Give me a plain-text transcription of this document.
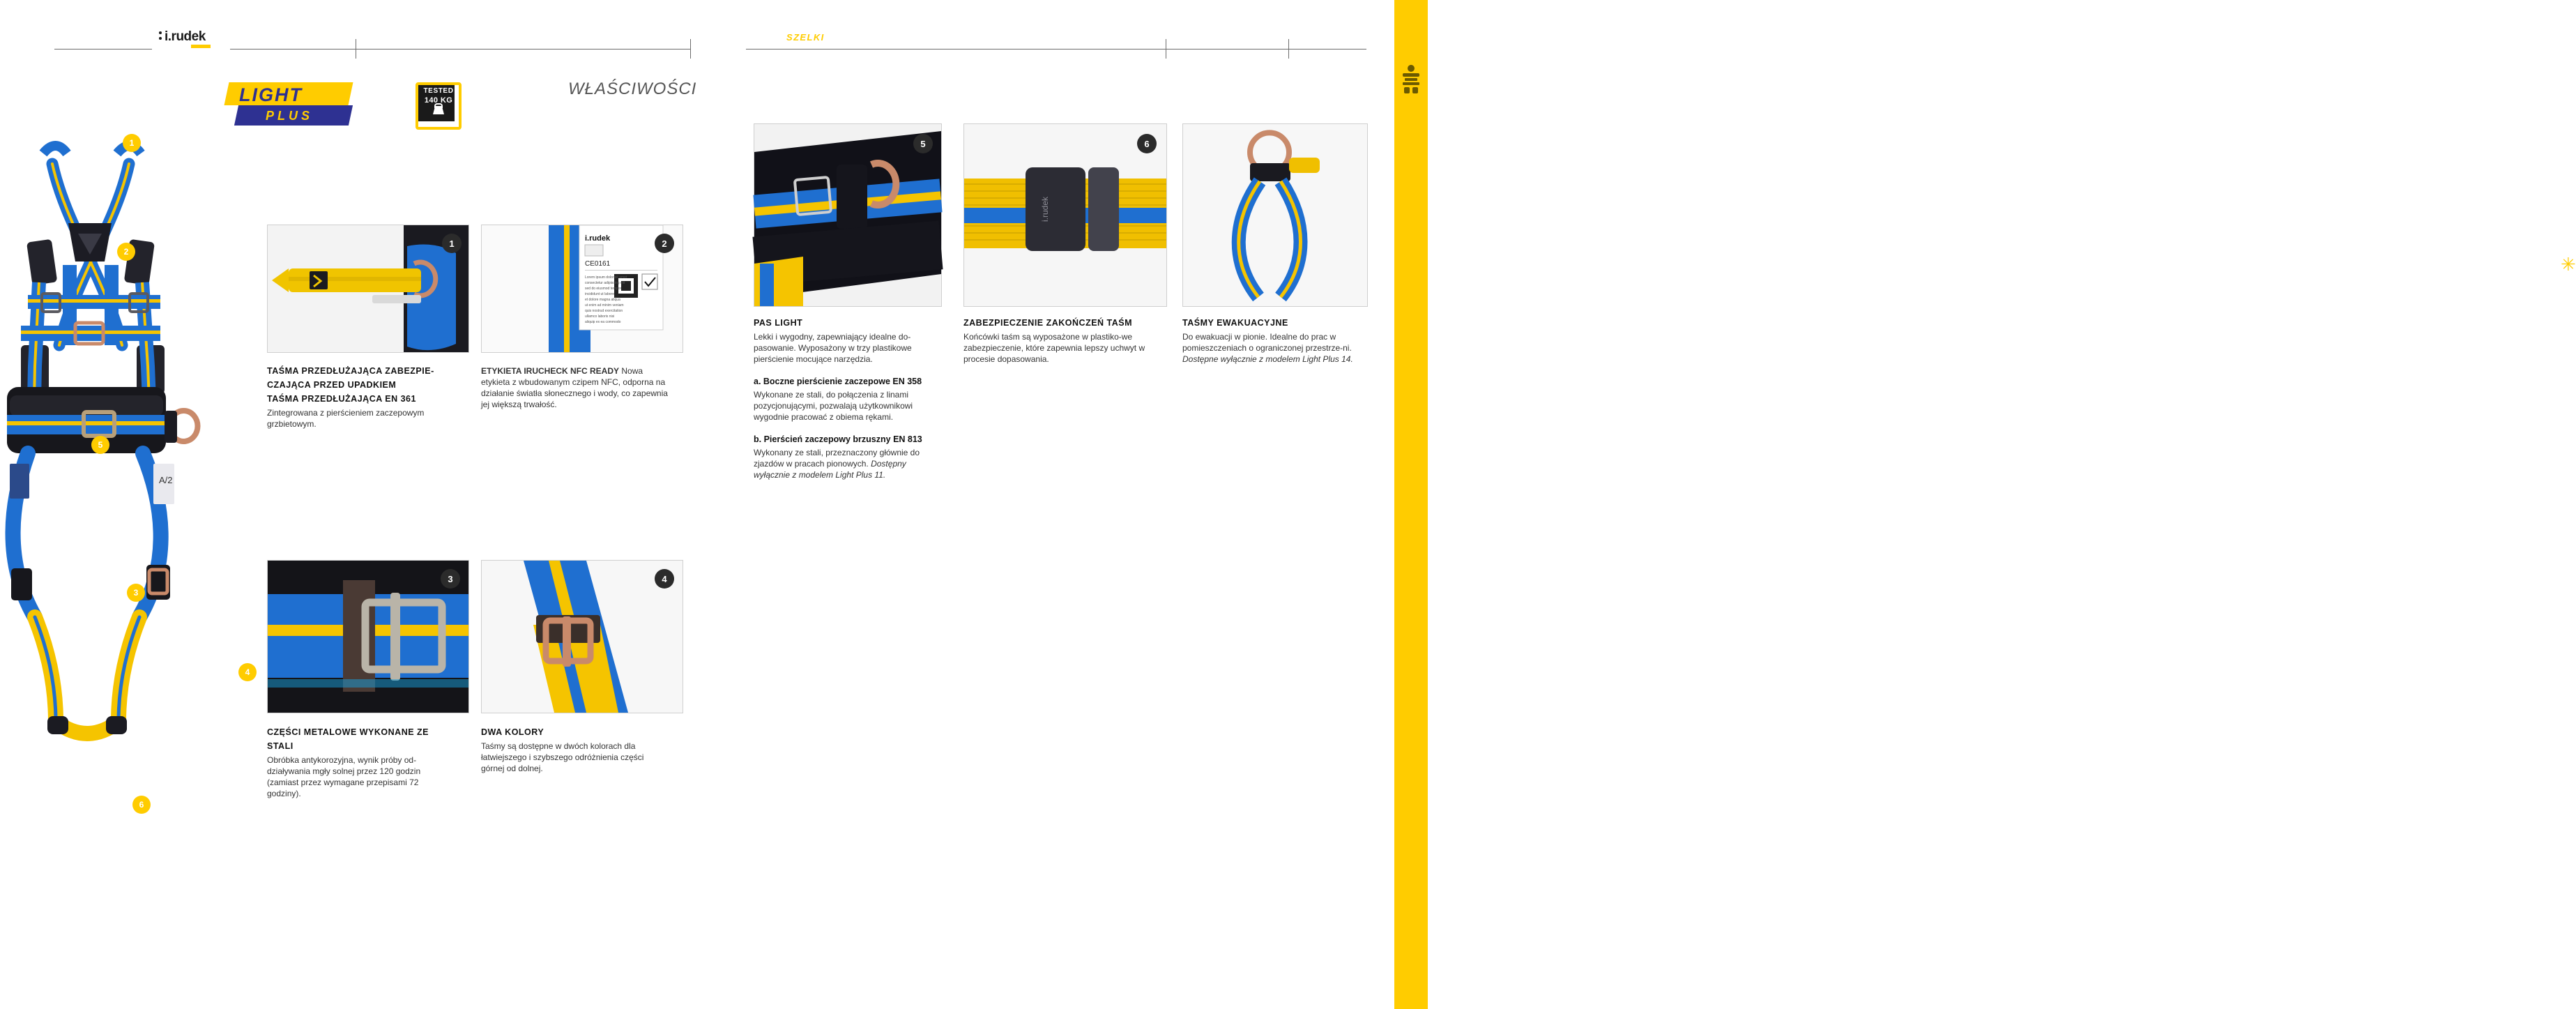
i.rudek	SZELKI
LIGHT
PLUS
TESTED
140 KG
WŁAŚCIWOŚCI
A/2
1
2
5
3
4
6
1
TAŚMA PRZEDŁUŻAJĄCA ZABEZPIE-
CZAJĄCA PRZED UPADKIEM
TAŚMA PRZEDŁUŻAJĄCA EN 361

Zintegrowana z pierścieniem zaczepowym grzbietowym.

i.rudek
CE0161
Lorem ipsum dolor sit amet
consectetur adipiscing elit
sed do eiusmod tempor
incididunt ut labore
et dolore magna aliqua
ut enim ad minim veniam
quis nostrud exercitation
ullamco laboris nisi
aliquip ex ea commodo
2

ETYKIETA IRUCHECK NFC READY Nowa

etykieta z wbudowanym czipem NFC, odporna na działanie światła słonecznego i wody, co zapewnia jej większą trwałość.

3
CZĘŚCI METALOWE WYKONANE ZE
STALI

Obróbka antykorozyjna, wynik próby od-działywania mgły solnej przez 120 godzin (zamiast przez wymagane przepisami 72 godziny).

4
DWA KOLORY

Taśmy są dostępne w dwóch kolorach dla łatwiejszego i szybszego odróżnienia części górnej od dolnej.

5
PAS LIGHT

Lekki i wygodny, zapewniający idealne do-pasowanie. Wyposażony w trzy plastikowe pierścienie mocujące narzędzia.

a. Boczne pierścienie zaczepowe EN 358

Wykonane ze stali, do połączenia z linami pozycjonującymi, pozwalają użytkownikowi wygodnie pracować z obiema rękami.

b. Pierścień zaczepowy brzuszny EN 813

Wykonany ze stali, przeznaczony głównie do zjazdów w pracach pionowych. Dostępny wyłącznie z modelem Light Plus 11.

i.rudek
6
ZABEZPIECZENIE ZAKOŃCZEŃ TAŚM

Końcówki taśm są wyposażone w plastiko-we zabezpieczenie, które zapewnia lepszy uchwyt w procesie dopasowania.

✳
TAŚMY EWAKUACYJNE

Do ewakuacji w pionie. Idealne do prac w pomieszczeniach o ograniczonej przestrze-ni. Dostępne wyłącznie z modelem Light Plus 14.
